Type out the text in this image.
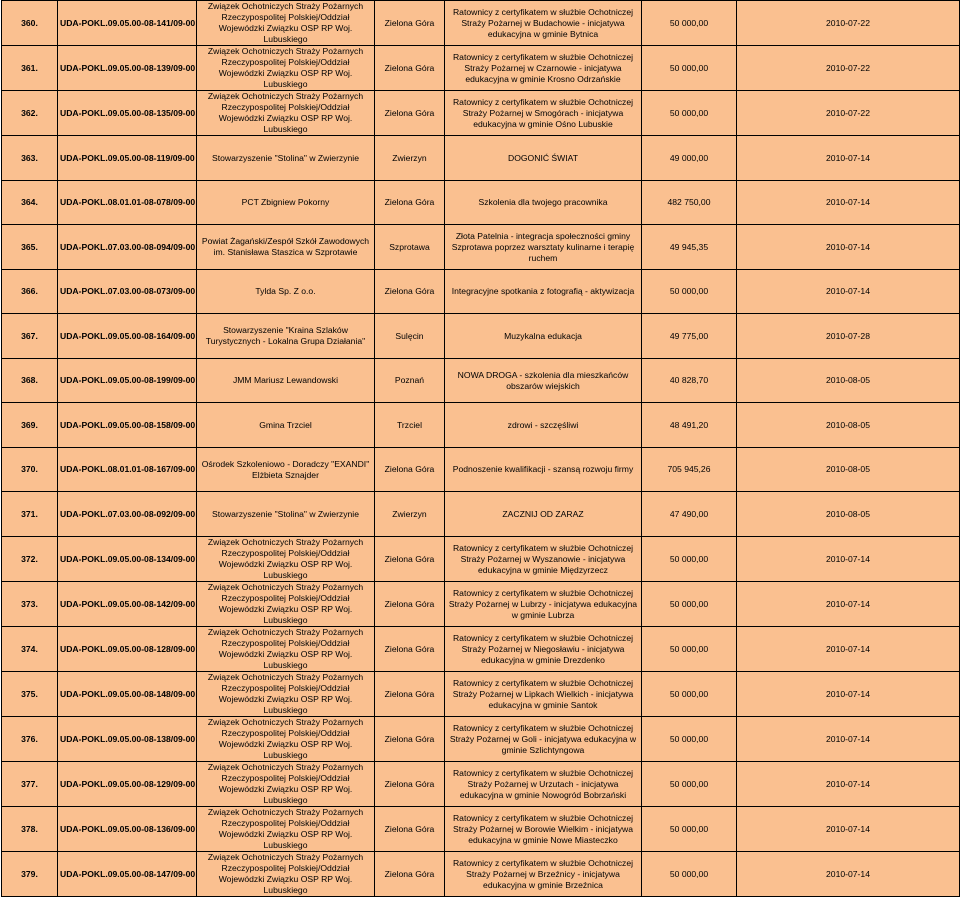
360.	UDA-POKL.09.05.00-08-141/09-00	Związek Ochotniczych Straży Pożarnych Rzeczypospolitej Polskiej/Oddział Wojewódzki Związku OSP RP Woj. Lubuskiego	Zielona Góra	Ratownicy z certyfikatem w służbie Ochotniczej Straży Pożarnej w Budachowie - inicjatywa edukacyjna w gminie Bytnica	50 000,00	2010-07-22
361.	UDA-POKL.09.05.00-08-139/09-00	Związek Ochotniczych Straży Pożarnych Rzeczypospolitej Polskiej/Oddział Wojewódzki Związku OSP RP Woj. Lubuskiego	Zielona Góra	Ratownicy z certyfikatem w służbie Ochotniczej Straży Pożarnej w Czarnowie - inicjatywa edukacyjna w gminie Krosno Odrzańskie	50 000,00	2010-07-22
362.	UDA-POKL.09.05.00-08-135/09-00	Związek Ochotniczych Straży Pożarnych Rzeczypospolitej Polskiej/Oddział Wojewódzki Związku OSP RP Woj. Lubuskiego	Zielona Góra	Ratownicy z certyfikatem w służbie Ochotniczej Straży Pożarnej w Smogórach - inicjatywa edukacyjna w gminie Ośno Lubuskie	50 000,00	2010-07-22
363.	UDA-POKL.09.05.00-08-119/09-00	Stowarzyszenie "Stolina" w Zwierzynie	Zwierzyn	DOGONIĆ ŚWIAT	49 000,00	2010-07-14
364.	UDA-POKL.08.01.01-08-078/09-00	PCT Zbigniew Pokorny	Zielona Góra	Szkolenia dla twojego pracownika	482 750,00	2010-07-14
365.	UDA-POKL.07.03.00-08-094/09-00	Powiat Żagański/Zespół Szkół Zawodowych im. Stanisława Staszica w Szprotawie	Szprotawa	Złota Patelnia - integracja społeczności gminy Szprotawa poprzez warsztaty kulinarne i terapię ruchem	49 945,35	2010-07-14
366.	UDA-POKL.07.03.00-08-073/09-00	Tylda Sp. Z o.o.	Zielona Góra	Integracyjne spotkania z fotografią - aktywizacja	50 000,00	2010-07-14
367.	UDA-POKL.09.05.00-08-164/09-00	Stowarzyszenie "Kraina Szlaków Turystycznych - Lokalna Grupa Działania"	Sulęcin	Muzykalna edukacja	49 775,00	2010-07-28
368.	UDA-POKL.09.05.00-08-199/09-00	JMM Mariusz Lewandowski	Poznań	NOWA DROGA - szkolenia dla mieszkańców obszarów wiejskich	40 828,70	2010-08-05
369.	UDA-POKL.09.05.00-08-158/09-00	Gmina Trzciel	Trzciel	zdrowi - szczęśliwi	48 491,20	2010-08-05
370.	UDA-POKL.08.01.01-08-167/09-00	Ośrodek Szkoleniowo - Doradczy "EXANDI" Elżbieta Sznajder	Zielona Góra	Podnoszenie kwalifikacji - szansą rozwoju firmy	705 945,26	2010-08-05
371.	UDA-POKL.07.03.00-08-092/09-00	Stowarzyszenie "Stolina" w Zwierzynie	Zwierzyn	ZACZNIJ OD ZARAZ	47 490,00	2010-08-05
372.	UDA-POKL.09.05.00-08-134/09-00	Związek Ochotniczych Straży Pożarnych Rzeczypospolitej Polskiej/Oddział Wojewódzki Związku OSP RP Woj. Lubuskiego	Zielona Góra	Ratownicy z certyfikatem w służbie Ochotniczej Straży Pożarnej w Wyszanowie - inicjatywa edukacyjna w gminie Międzyrzecz	50 000,00	2010-07-14
373.	UDA-POKL.09.05.00-08-142/09-00	Związek Ochotniczych Straży Pożarnych Rzeczypospolitej Polskiej/Oddział Wojewódzki Związku OSP RP Woj. Lubuskiego	Zielona Góra	Ratownicy z certyfikatem w służbie Ochotniczej Straży Pożarnej w Lubrzy - inicjatywa edukacyjna w gminie Lubrza	50 000,00	2010-07-14
374.	UDA-POKL.09.05.00-08-128/09-00	Związek Ochotniczych Straży Pożarnych Rzeczypospolitej Polskiej/Oddział Wojewódzki Związku OSP RP Woj. Lubuskiego	Zielona Góra	Ratownicy z certyfikatem w służbie Ochotniczej Straży Pożarnej w Niegosławiu - inicjatywa edukacyjna w gminie Drezdenko	50 000,00	2010-07-14
375.	UDA-POKL.09.05.00-08-148/09-00	Związek Ochotniczych Straży Pożarnych Rzeczypospolitej Polskiej/Oddział Wojewódzki Związku OSP RP Woj. Lubuskiego	Zielona Góra	Ratownicy z certyfikatem w służbie Ochotniczej Straży Pożarnej w Lipkach Wielkich - inicjatywa edukacyjna w gminie Santok	50 000,00	2010-07-14
376.	UDA-POKL.09.05.00-08-138/09-00	Związek Ochotniczych Straży Pożarnych Rzeczypospolitej Polskiej/Oddział Wojewódzki Związku OSP RP Woj. Lubuskiego	Zielona Góra	Ratownicy z certyfikatem w służbie Ochotniczej Straży Pożarnej w Goli - inicjatywa edukacyjna w gminie Szlichtyngowa	50 000,00	2010-07-14
377.	UDA-POKL.09.05.00-08-129/09-00	Związek Ochotniczych Straży Pożarnych Rzeczypospolitej Polskiej/Oddział Wojewódzki Związku OSP RP Woj. Lubuskiego	Zielona Góra	Ratownicy z certyfikatem w służbie Ochotniczej Straży Pożarnej w Urzutach - inicjatywa edukacyjna w gminie Nowogród Bobrzański	50 000,00	2010-07-14
378.	UDA-POKL.09.05.00-08-136/09-00	Związek Ochotniczych Straży Pożarnych Rzeczypospolitej Polskiej/Oddział Wojewódzki Związku OSP RP Woj. Lubuskiego	Zielona Góra	Ratownicy z certyfikatem w służbie Ochotniczej Straży Pożarnej w Borowie Wielkim - inicjatywa edukacyjna w gminie Nowe Miasteczko	50 000,00	2010-07-14
379.	UDA-POKL.09.05.00-08-147/09-00	Związek Ochotniczych Straży Pożarnych Rzeczypospolitej Polskiej/Oddział Wojewódzki Związku OSP RP Woj. Lubuskiego	Zielona Góra	Ratownicy z certyfikatem w służbie Ochotniczej Straży Pożarnej w Brzeźnicy - inicjatywa edukacyjna w gminie Brzeźnica	50 000,00	2010-07-14
